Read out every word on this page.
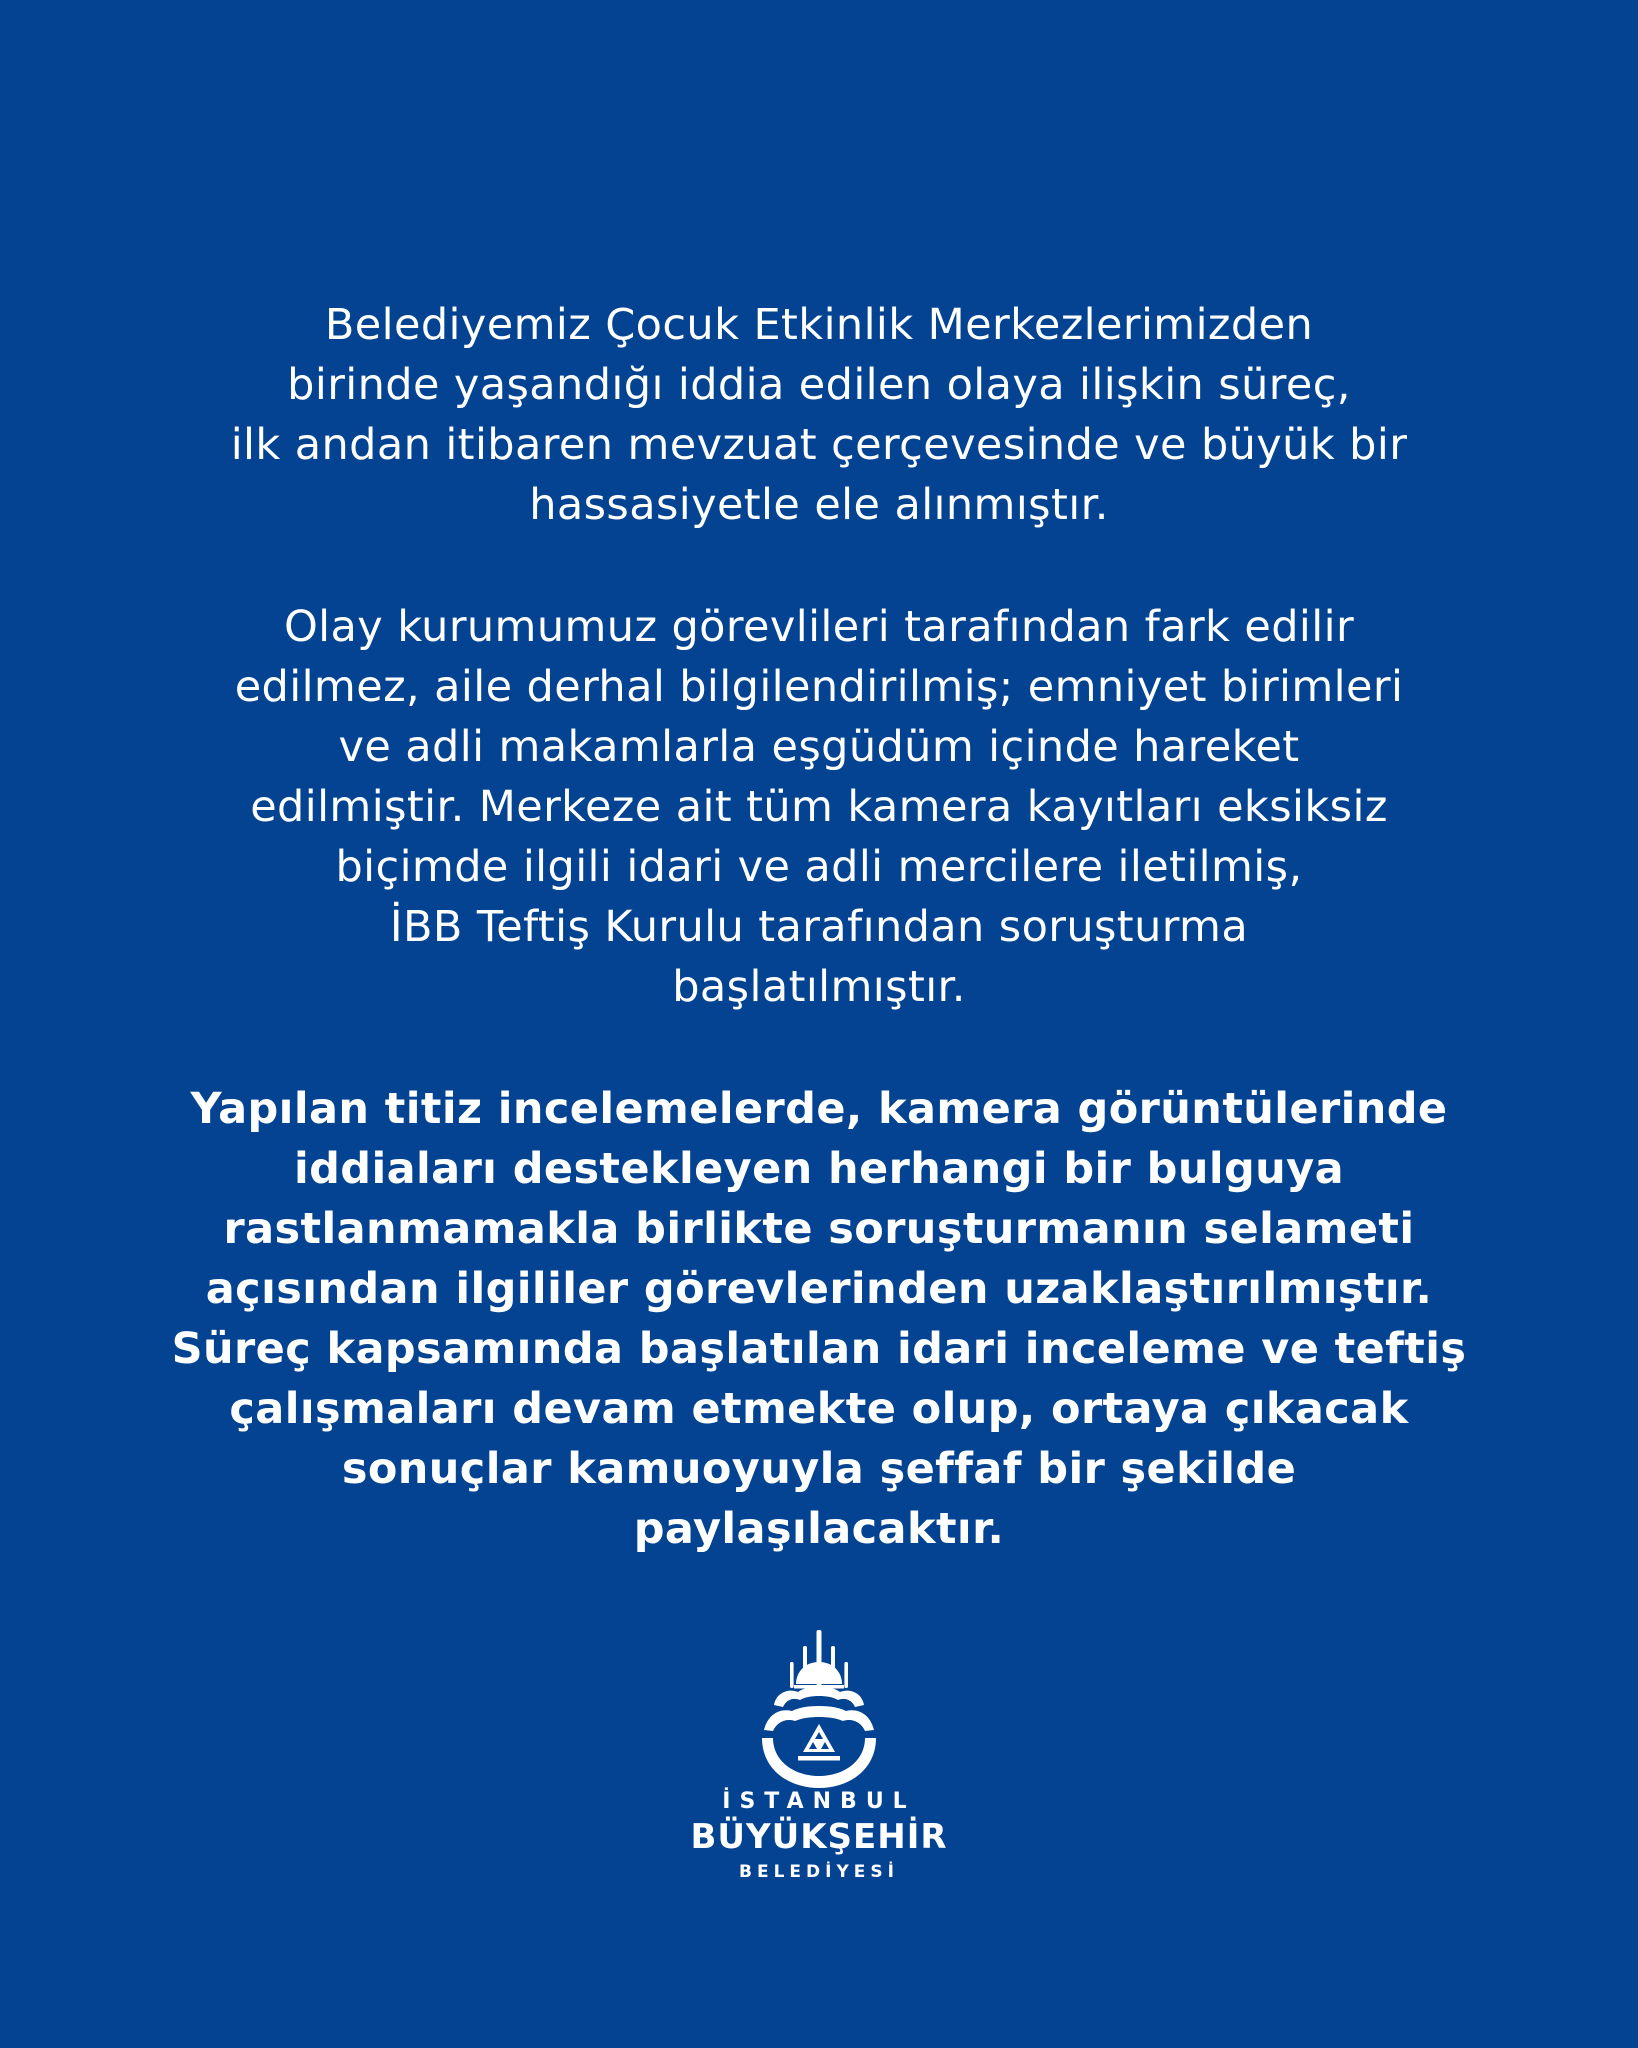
Belediyemiz Çocuk Etkinlik Merkezlerimizden
birinde yaşandığı iddia edilen olaya ilişkin süreç,
ilk andan itibaren mevzuat çerçevesinde ve büyük bir
hassasiyetle ele alınmıştır.
Olay kurumumuz görevlileri tarafından fark edilir
edilmez, aile derhal bilgilendirilmiş; emniyet birimleri
ve adli makamlarla eşgüdüm içinde hareket
edilmiştir. Merkeze ait tüm kamera kayıtları eksiksiz
biçimde ilgili idari ve adli mercilere iletilmiş,
İBB Teftiş Kurulu tarafından soruşturma
başlatılmıştır.
Yapılan titiz incelemelerde, kamera görüntülerinde
iddiaları destekleyen herhangi bir bulguya
rastlanmamakla birlikte soruşturmanın selameti
açısından ilgililer görevlerinden uzaklaştırılmıştır.
Süreç kapsamında başlatılan idari inceleme ve teftiş
çalışmaları devam etmekte olup, ortaya çıkacak
sonuçlar kamuoyuyla şeffaf bir şekilde
paylaşılacaktır.
İSTANBUL
BÜYÜKŞEHİR
BELEDİYESİ
